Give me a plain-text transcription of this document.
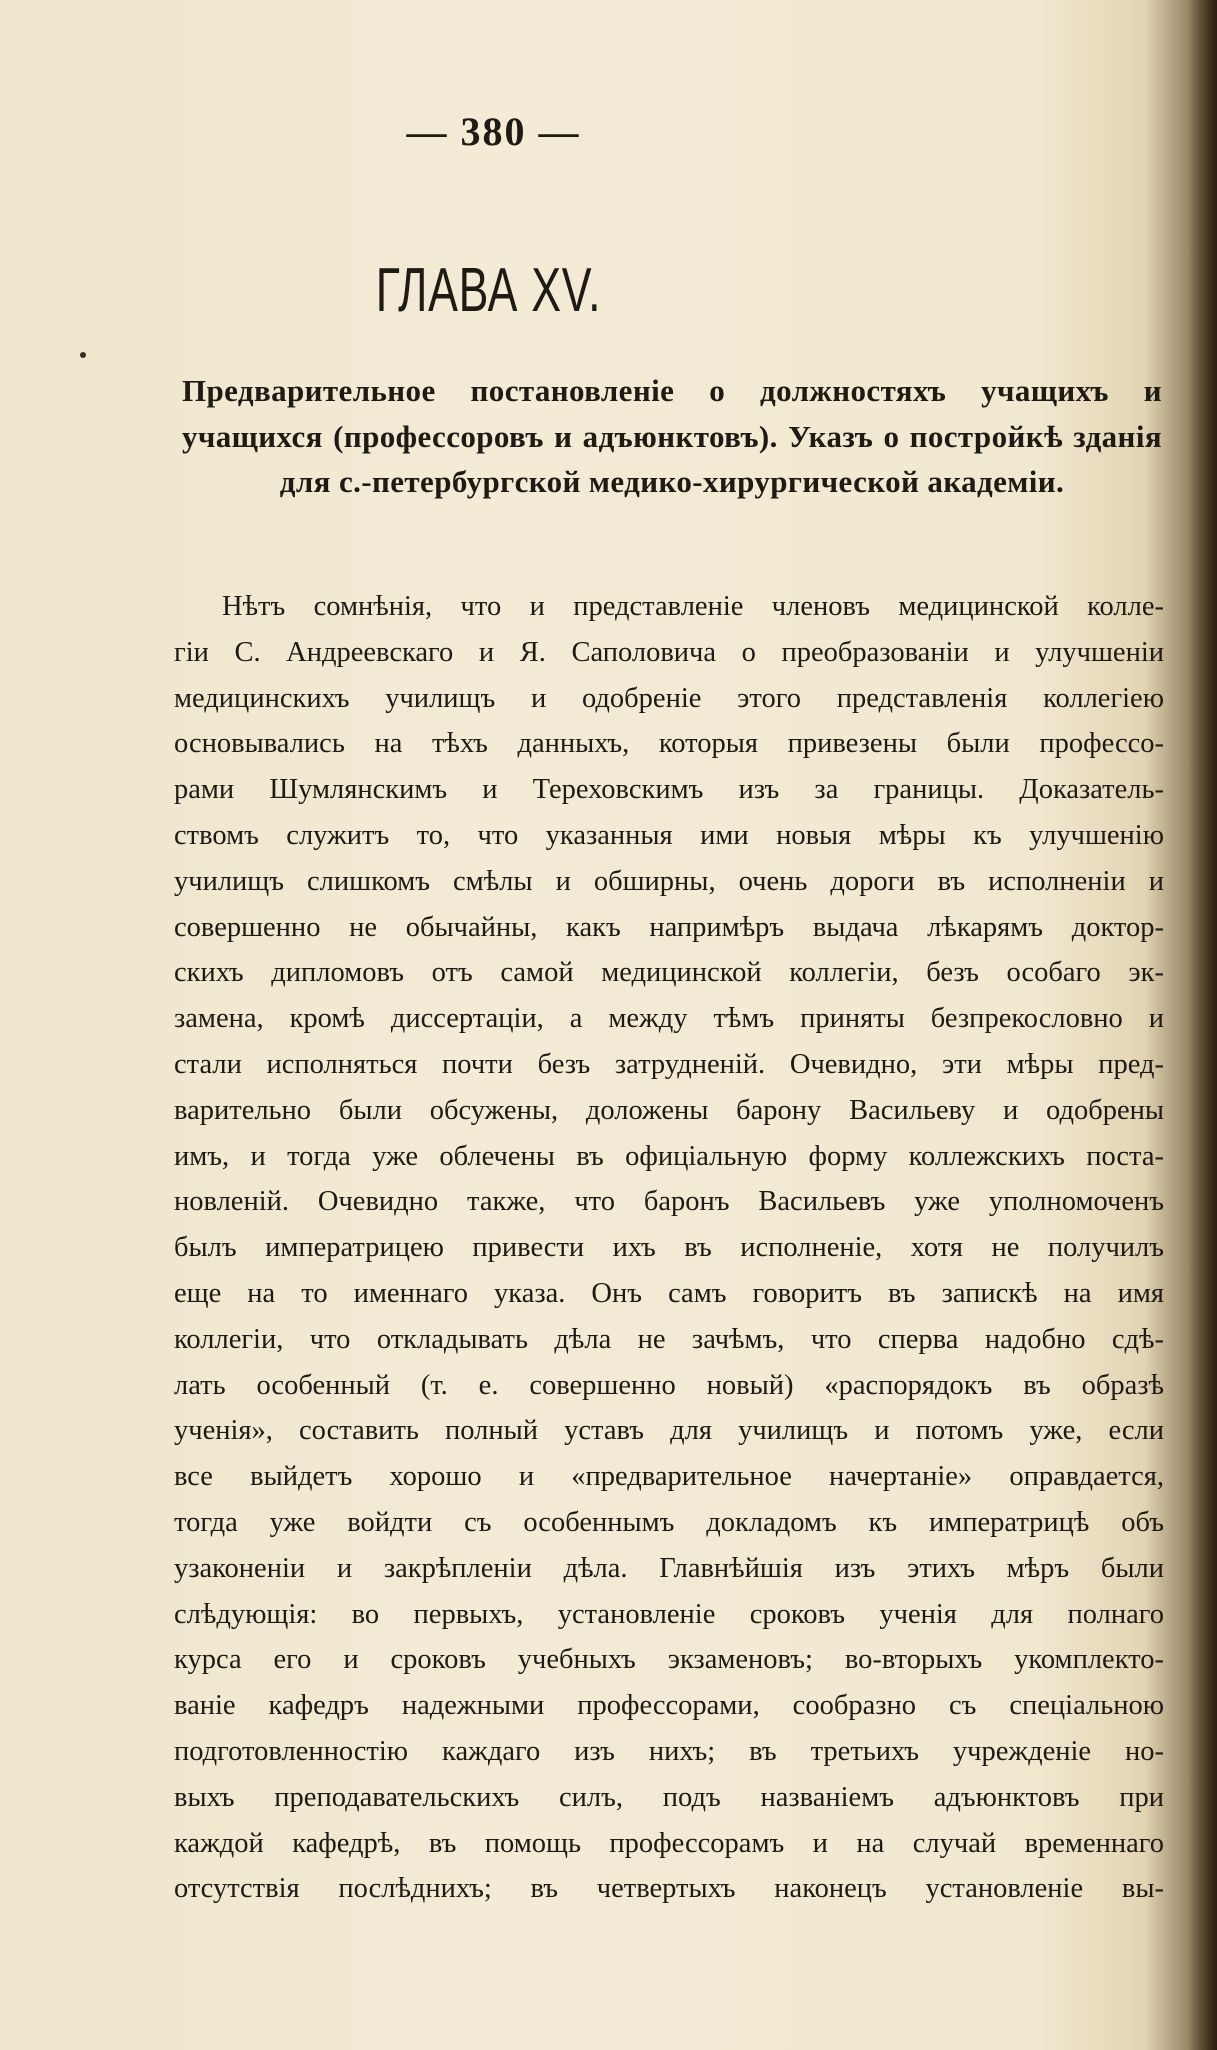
— 380 —
ГЛАВА XV.
Предварительное постановленіе о должностяхъ учащихъ и учащихся (профессоровъ и адъюнктовъ). Указъ о постройкѣ зданія для с.-петербургской медико-хирургической академіи.
Нѣтъ сомнѣнія, что и представленіе членовъ медицинской колле-
гіи С. Андреевскаго и Я. Саполовича о преобразованіи и улучшеніи
медицинскихъ училищъ и одобреніе этого представленія коллегіею
основывались на тѣхъ данныхъ, которыя привезены были профессо-
рами Шумлянскимъ и Тереховскимъ изъ за границы. Доказатель-
ствомъ служитъ то, что указанныя ими новыя мѣры къ улучшенію
училищъ слишкомъ смѣлы и обширны, очень дороги въ исполненіи и
совершенно не обычайны, какъ напримѣръ выдача лѣкарямъ доктор-
скихъ дипломовъ отъ самой медицинской коллегіи, безъ особаго эк-
замена, кромѣ диссертаціи, а между тѣмъ приняты безпрекословно и
стали исполняться почти безъ затрудненій. Очевидно, эти мѣры пред-
варительно были обсужены, доложены барону Васильеву и одобрены
имъ, и тогда уже облечены въ офиціальную форму коллежскихъ поста-
новленій. Очевидно также, что баронъ Васильевъ уже уполномоченъ
былъ императрицею привести ихъ въ исполненіе, хотя не получилъ
еще на то именнаго указа. Онъ самъ говоритъ въ запискѣ на имя
коллегіи, что откладывать дѣла не зачѣмъ, что сперва надобно сдѣ-
лать особенный (т. е. совершенно новый) «распорядокъ въ образѣ
ученія», составить полный уставъ для училищъ и потомъ уже, если
все выйдетъ хорошо и «предварительное начертаніе» оправдается,
тогда уже войдти съ особеннымъ докладомъ къ императрицѣ объ
узаконеніи и закрѣпленіи дѣла. Главнѣйшія изъ этихъ мѣръ были
слѣдующія: во первыхъ, установленіе сроковъ ученія для полнаго
курса его и сроковъ учебныхъ экзаменовъ; во-вторыхъ укомплекто-
ваніе кафедръ надежными профессорами, сообразно съ спеціальною
подготовленностію каждаго изъ нихъ; въ третьихъ учрежденіе но-
выхъ преподавательскихъ силъ, подъ названіемъ адъюнктовъ при
каждой кафедрѣ, въ помощь профессорамъ и на случай временнаго
отсутствія послѣднихъ; въ четвертыхъ наконецъ установленіе вы-
